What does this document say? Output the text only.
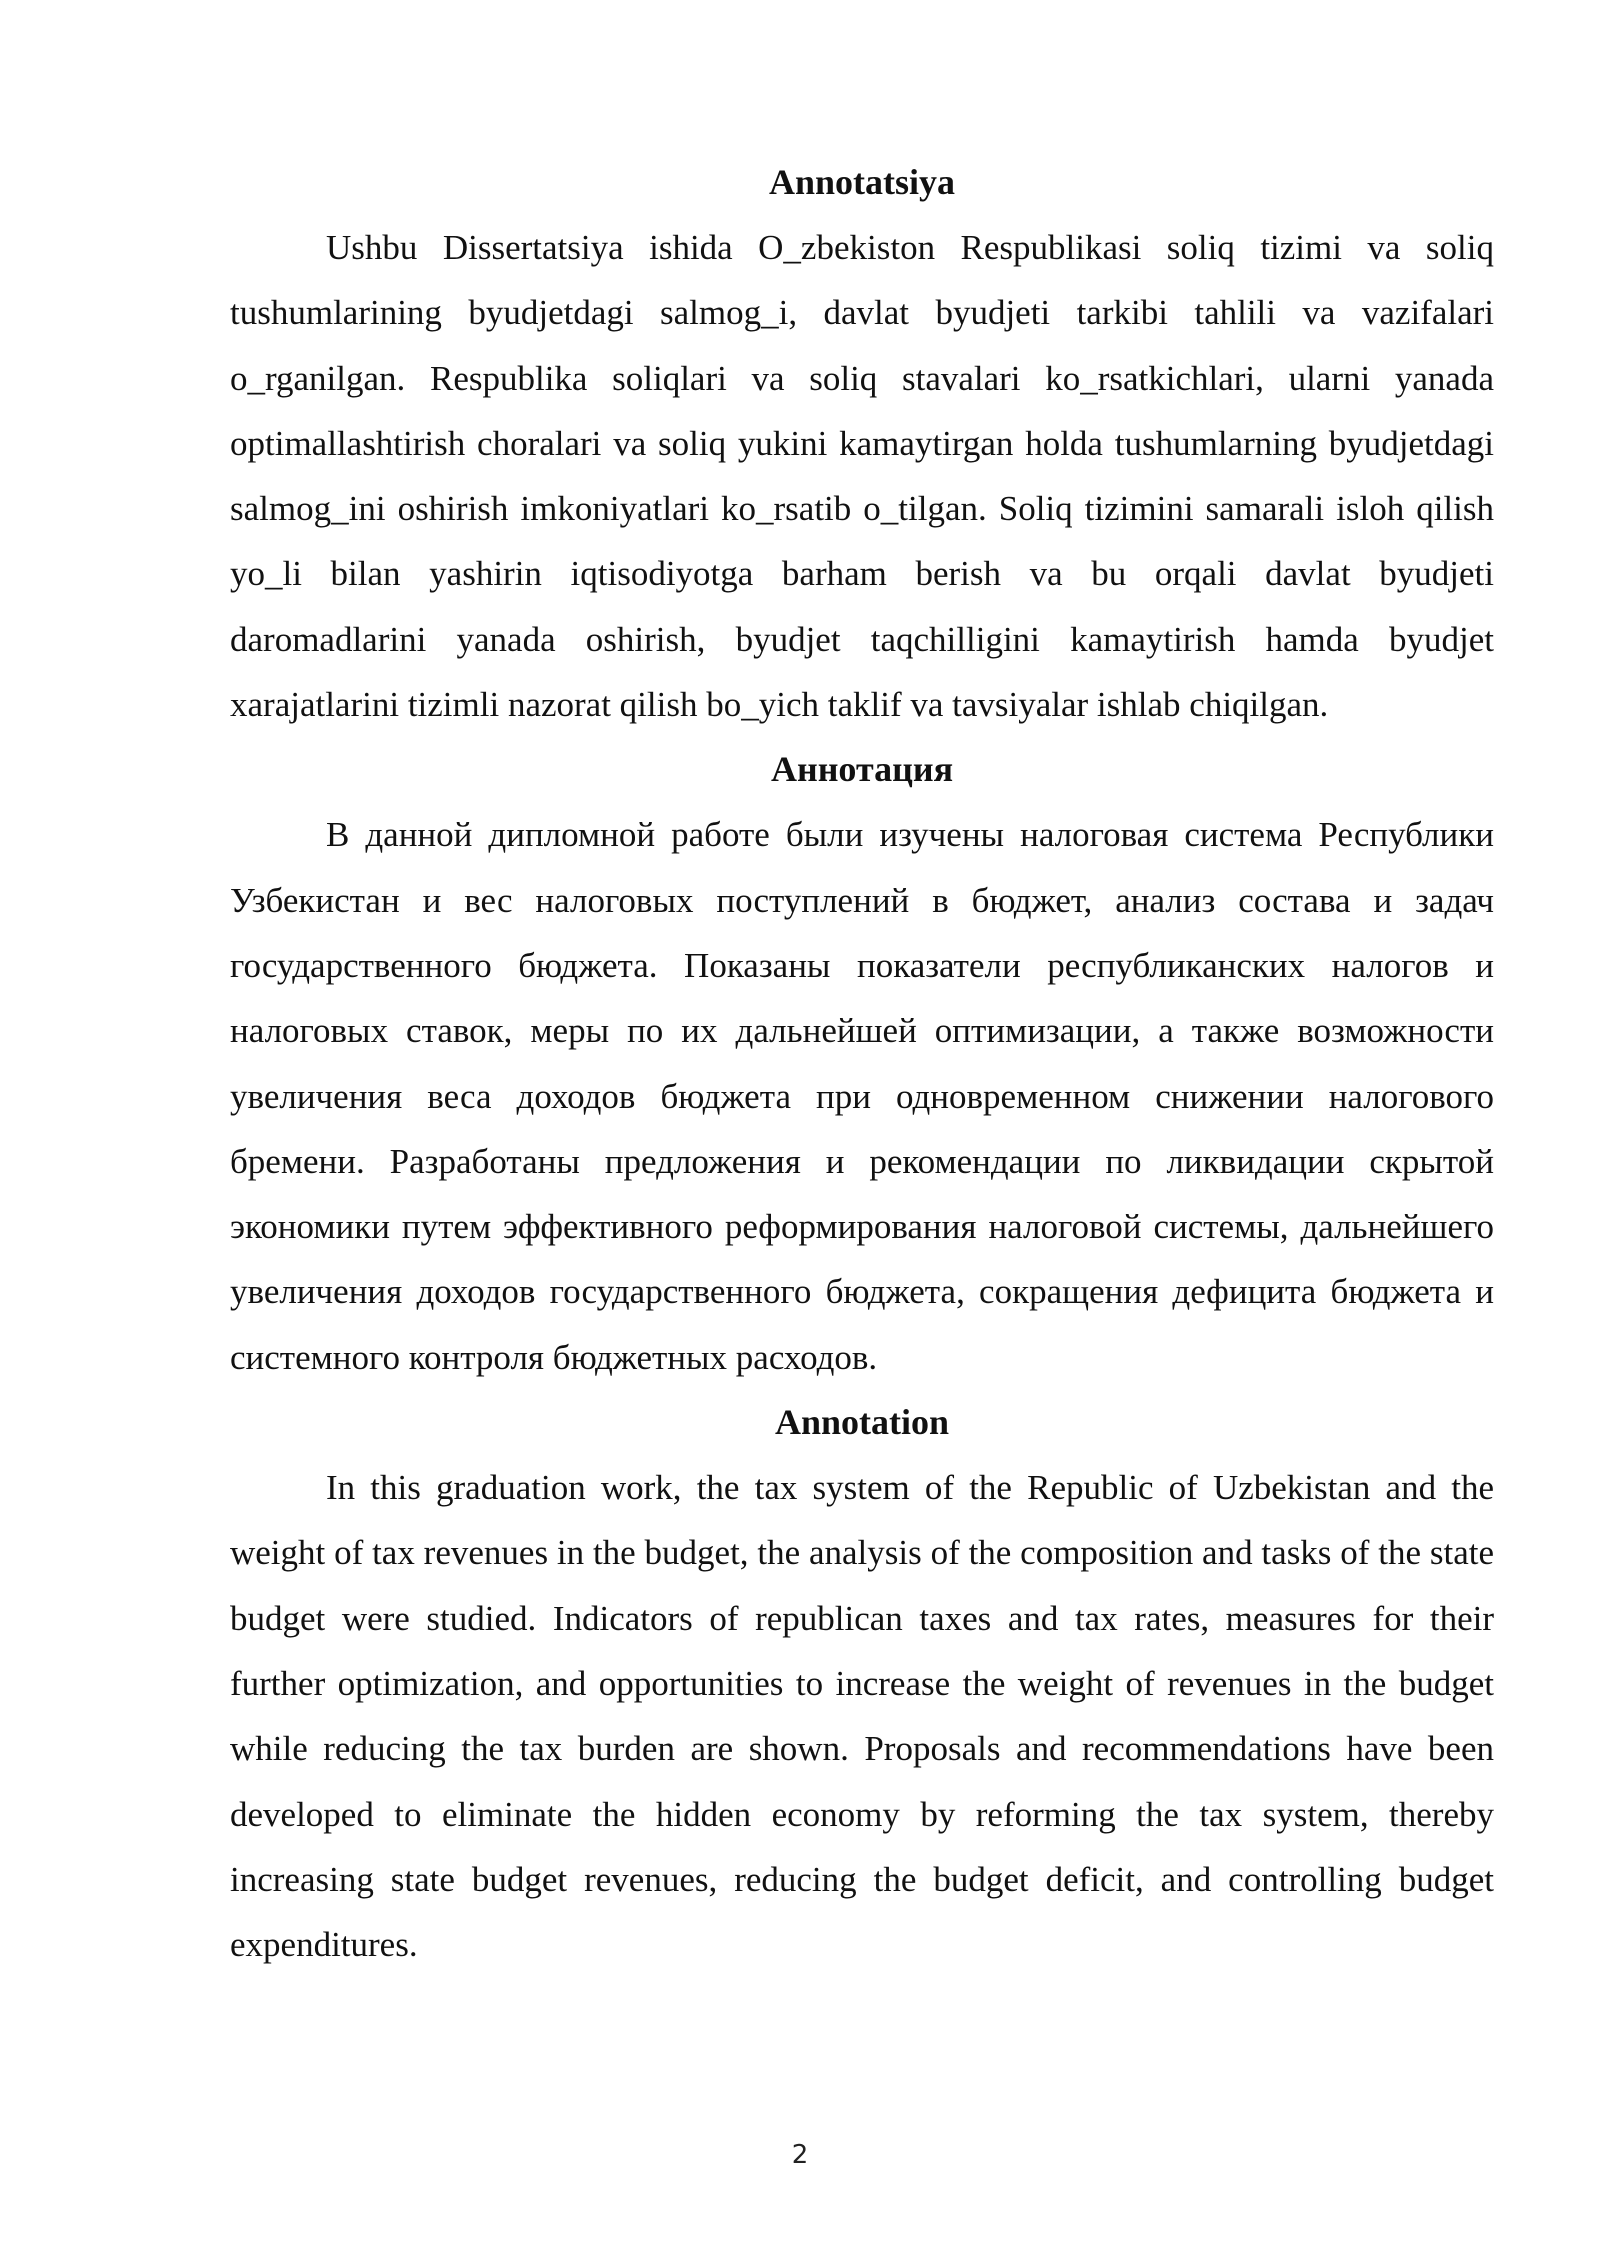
Annotatsiya

Ushbu Dissertatsiya ishida O_zbekiston Respublikasi soliq tizimi va soliq tushumlarining byudjetdagi salmog_i, davlat byudjeti tarkibi tahlili va vazifalari o_rganilgan. Respublika soliqlari va soliq stavalari ko_rsatkichlari, ularni yanada optimallashtirish choralari va soliq yukini kamaytirgan holda tushumlarning byudjetdagi salmog_ini oshirish imkoniyatlari ko_rsatib o_tilgan. Soliq tizimini samarali isloh qilish yo_li bilan yashirin iqtisodiyotga barham berish va bu orqali davlat byudjeti daromadlarini yanada oshirish, byudjet taqchilligini kamaytirish hamda byudjet xarajatlarini tizimli nazorat qilish bo_yich taklif va tavsiyalar ishlab chiqilgan.

Аннотация

В данной дипломной работе были изучены налоговая система Республики Узбекистан и вес налоговых поступлений в бюджет, анализ состава и задач государственного бюджета. Показаны показатели республиканских налогов и налоговых ставок, меры по их дальнейшей оптимизации, а также возможности увеличения веса доходов бюджета при одновременном снижении налогового бремени. Разработаны предложения и рекомендации по ликвидации скрытой экономики путем эффективного реформирования налоговой системы, дальнейшего увеличения доходов государственного бюджета, сокращения дефицита бюджета и системного контроля бюджетных расходов.

Annotation

In this graduation work, the tax system of the Republic of Uzbekistan and the weight of tax revenues in the budget, the analysis of the composition and tasks of the state budget were studied. Indicators of republican taxes and tax rates, measures for their further optimization, and opportunities to increase the weight of revenues in the budget while reducing the tax burden are shown. Proposals and recommendations have been developed to eliminate the hidden economy by reforming the tax system, thereby increasing state budget revenues, reducing the budget deficit, and controlling budget expenditures.

2
